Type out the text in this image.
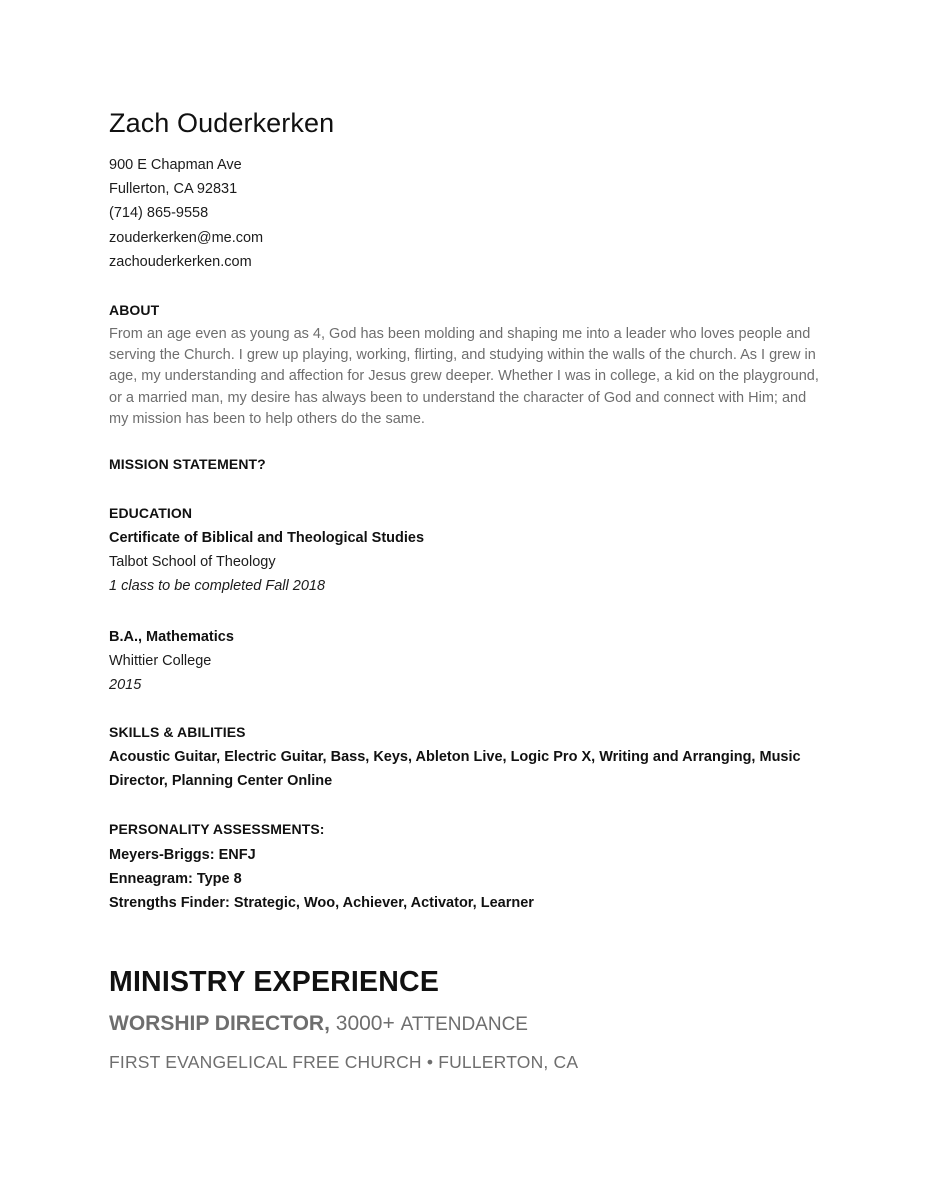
Zach Ouderkerken
900 E Chapman Ave
Fullerton, CA 92831
(714) 865-9558
zouderkerken@me.com
zachouderkerken.com
ABOUT
From an age even as young as 4, God has been molding and shaping me into a leader who loves people and serving the Church. I grew up playing, working, flirting, and studying within the walls of the church. As I grew in age, my understanding and affection for Jesus grew deeper. Whether I was in college, a kid on the playground, or a married man, my desire has always been to understand the character of God and connect with Him; and my mission has been to help others do the same.
MISSION STATEMENT?
EDUCATION
Certificate of Biblical and Theological Studies
Talbot School of Theology
1 class to be completed Fall 2018
B.A., Mathematics
Whittier College
2015
SKILLS & ABILITIES
Acoustic Guitar, Electric Guitar, Bass, Keys, Ableton Live, Logic Pro X, Writing and Arranging, Music Director, Planning Center Online
PERSONALITY ASSESSMENTS:
Meyers-Briggs: ENFJ
Enneagram: Type 8
Strengths Finder: Strategic, Woo, Achiever, Activator, Learner
MINISTRY EXPERIENCE
WORSHIP DIRECTOR, 3000+ ATTENDANCE
FIRST EVANGELICAL FREE CHURCH • FULLERTON, CA
